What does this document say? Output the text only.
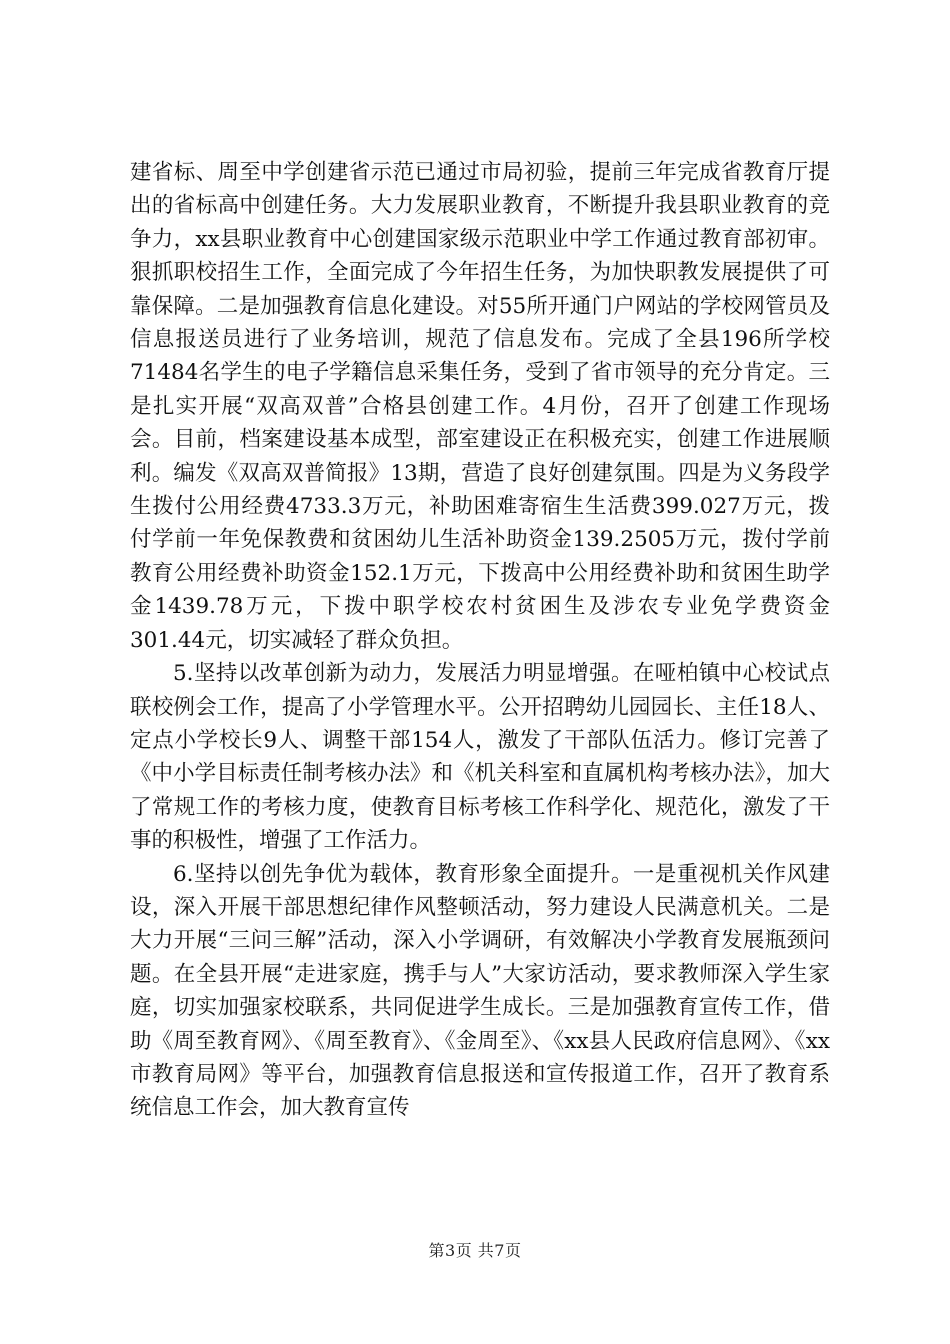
建省标、周至中学创建省示范已通过市局初验，提前三年完成省教育厅提出的省标高中创建任务。大力发展职业教育，不断提升我县职业教育的竞争力，xx县职业教育中心创建国家级示范职业中学工作通过教育部初审。狠抓职校招生工作，全面完成了今年招生任务，为加快职教发展提供了可靠保障。二是加强教育信息化建设。对55所开通门户网站的学校网管员及信息报送员进行了业务培训，规范了信息发布。完成了全县196所学校71484名学生的电子学籍信息采集任务，受到了省市领导的充分肯定。三是扎实开展“双高双普”合格县创建工作。4月份，召开了创建工作现场会。目前，档案建设基本成型，部室建设正在积极充实，创建工作进展顺利。编发《双高双普简报》13期，营造了良好创建氛围。四是为义务段学生拨付公用经费4733.3万元，补助困难寄宿生生活费399.027万元，拨付学前一年免保教费和贫困幼儿生活补助资金139.2505万元，拨付学前教育公用经费补助资金152.1万元，下拨高中公用经费补助和贫困生助学金1439.78万元，下拨中职学校农村贫困生及涉农专业免学费资金301.44元，切实减轻了群众负担。

5.坚持以改革创新为动力，发展活力明显增强。在哑柏镇中心校试点联校例会工作，提高了小学管理水平。公开招聘幼儿园园长、主任18人、定点小学校长9人、调整干部154人，激发了干部队伍活力。修订完善了《中小学目标责任制考核办法》和《机关科室和直属机构考核办法》，加大了常规工作的考核力度，使教育目标考核工作科学化、规范化，激发了干事的积极性，增强了工作活力。

6.坚持以创先争优为载体，教育形象全面提升。一是重视机关作风建设，深入开展干部思想纪律作风整顿活动，努力建设人民满意机关。二是大力开展“三问三解”活动，深入小学调研，有效解决小学教育发展瓶颈问题。在全县开展“走进家庭，携手与人”大家访活动，要求教师深入学生家庭，切实加强家校联系，共同促进学生成长。三是加强教育宣传工作，借助《周至教育网》、《周至教育》、《金周至》、《xx县人民政府信息网》、《xx市教育局网》等平台，加强教育信息报送和宣传报道工作，召开了教育系统信息工作会，加大教育宣传

第3页 共7页
